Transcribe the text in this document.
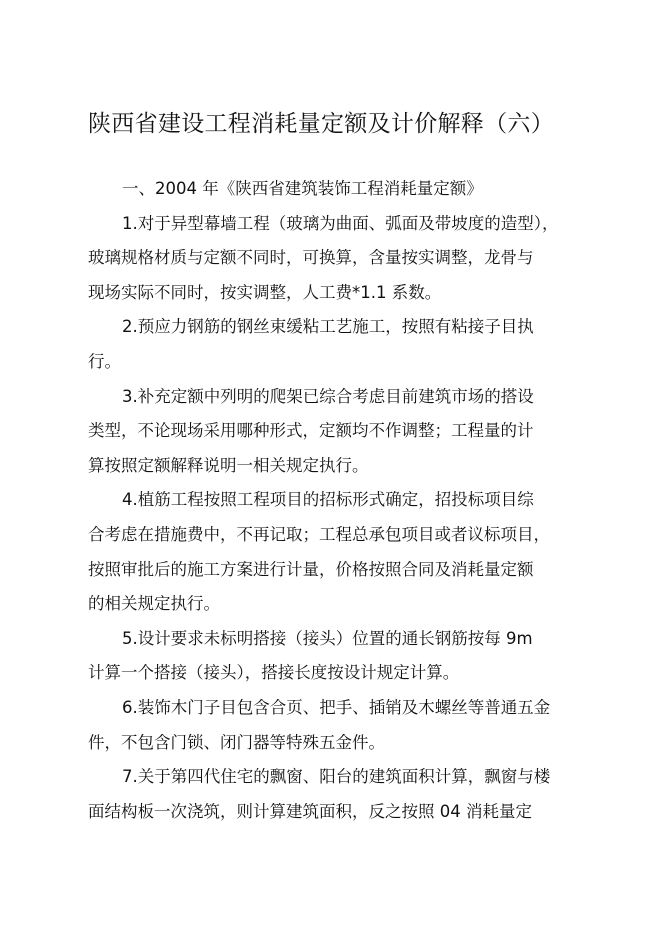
陕西省建设工程消耗量定额及计价解释（六）
一、2004 年《陕西省建筑装饰工程消耗量定额》
1.对于异型幕墙工程（玻璃为曲面、弧面及带坡度的造型），
玻璃规格材质与定额不同时，可换算，含量按实调整，龙骨与
现场实际不同时，按实调整，人工费*1.1 系数。
2.预应力钢筋的钢丝束缓粘工艺施工，按照有粘接子目执
行。
3.补充定额中列明的爬架已综合考虑目前建筑市场的搭设
类型，不论现场采用哪种形式，定额均不作调整；工程量的计
算按照定额解释说明一相关规定执行。
4.植筋工程按照工程项目的招标形式确定，招投标项目综
合考虑在措施费中，不再记取；工程总承包项目或者议标项目，
按照审批后的施工方案进行计量，价格按照合同及消耗量定额
的相关规定执行。
5.设计要求未标明搭接（接头）位置的通长钢筋按每 9m
计算一个搭接（接头），搭接长度按设计规定计算。
6.装饰木门子目包含合页、把手、插销及木螺丝等普通五金
件，不包含门锁、闭门器等特殊五金件。
7.关于第四代住宅的飘窗、阳台的建筑面积计算，飘窗与楼
面结构板一次浇筑，则计算建筑面积，反之按照 04 消耗量定
